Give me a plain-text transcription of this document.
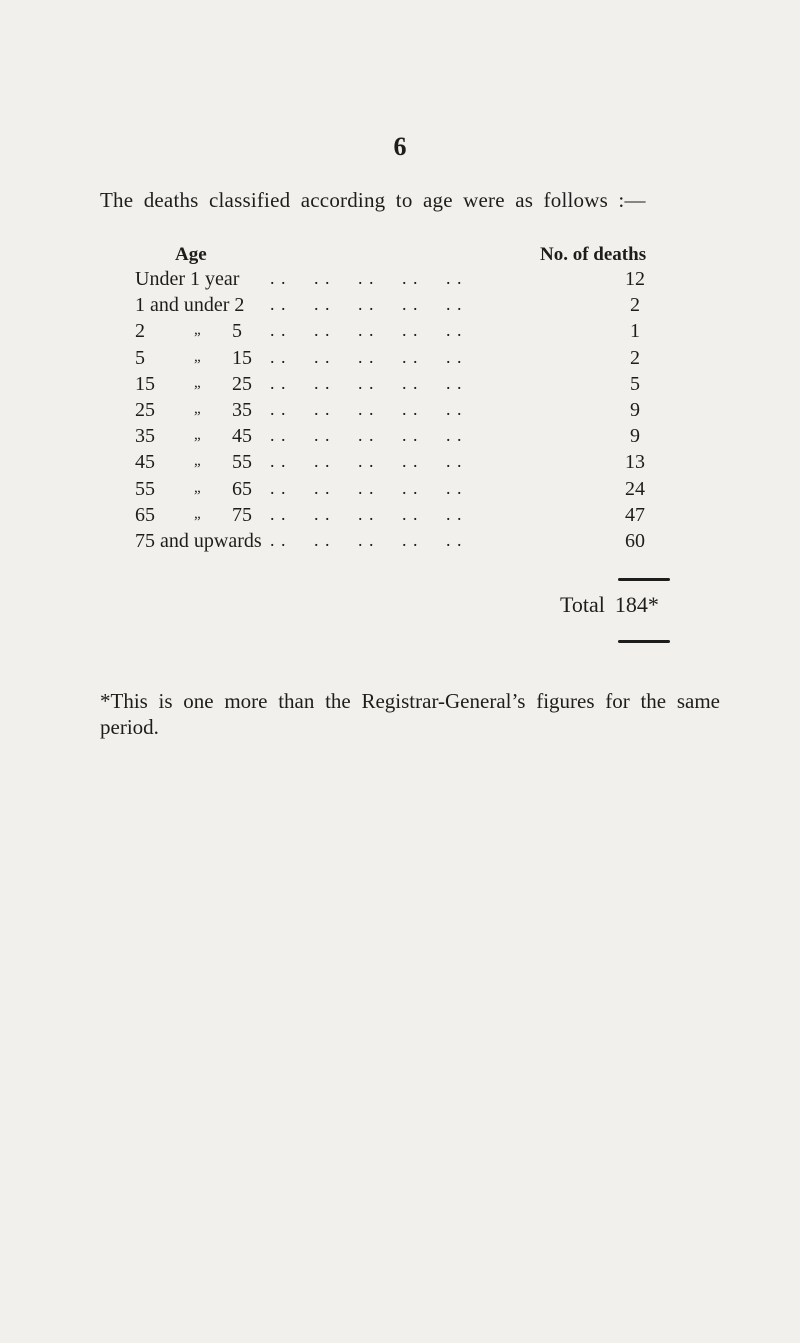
6
The deaths classified according to age were as follows :—
Age	No. of deaths
Under 1 year . .     . .     . .     . .     . .	12
1 and under 2 . .     . .     . .     . .     . .	2
2	„ 5	. .     . .     . .     . .     . .	1
5	„ 15	. .     . .     . .     . .     . .	2
15	„ 25	. .     . .     . .     . .     . .	5
25	„ 35	. .     . .     . .     . .     . .	9
35	„ 45	. .     . .     . .     . .     . .	9
45	„ 55	. .     . .     . .     . .     . .	13
55	„ 65	. .     . .     . .     . .     . .	24
65	„ 75	. .     . .     . .     . .     . .	47
75 and upwards . .     . .     . .     . .     . .	60
Total 184*
*This is one more than the Registrar-General’s figures for the same period.
